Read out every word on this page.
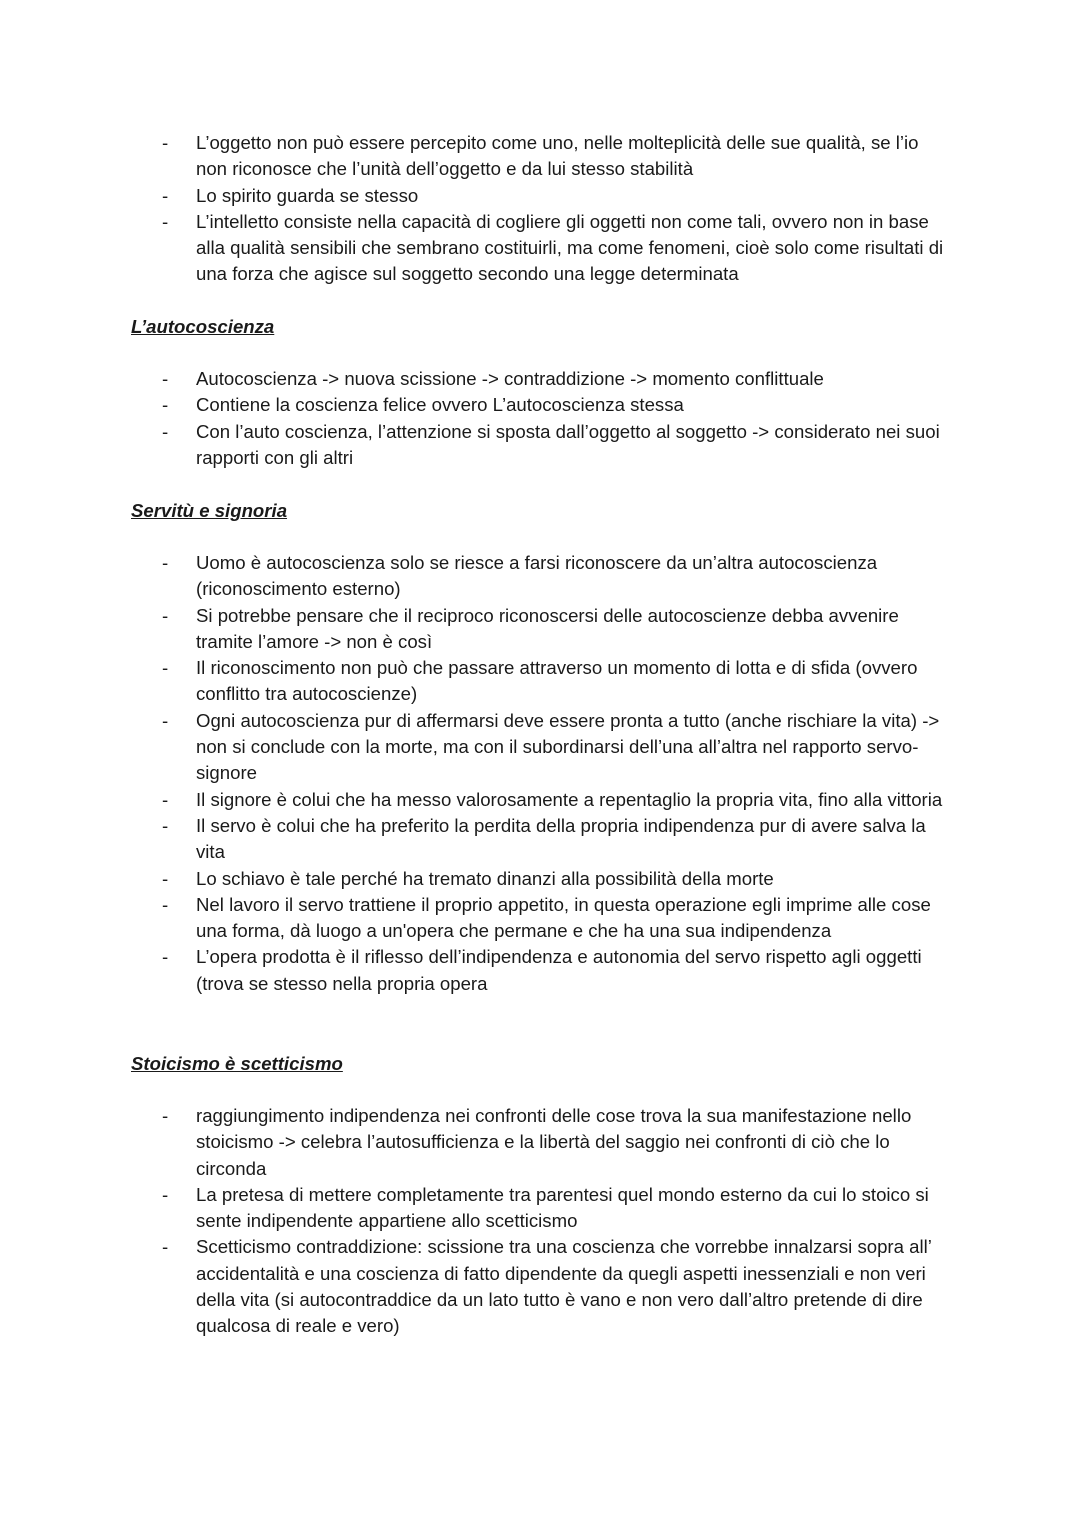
- L’oggetto non può essere percepito come uno, nelle molteplicità delle sue qualità, se l’io non riconosce che l’unità dell’oggetto e da lui stesso stabilità
- Lo spirito guarda se stesso
- L’intelletto consiste nella capacità di cogliere gli oggetti non come tali, ovvero non in base alla qualità sensibili che sembrano costituirli, ma come fenomeni, cioè solo come risultati di una forza che agisce sul soggetto secondo una legge determinata
L’autocoscienza
- Autocoscienza -> nuova scissione -> contraddizione -> momento conflittuale
- Contiene la coscienza felice ovvero L’autocoscienza stessa
- Con l’auto coscienza, l’attenzione si sposta dall’oggetto al soggetto -> considerato nei suoi rapporti con gli altri
Servitù e signoria
- Uomo è autocoscienza solo se riesce a farsi riconoscere da un’altra autocoscienza (riconoscimento esterno)
- Si potrebbe pensare che il reciproco riconoscersi delle autocoscienze debba avvenire tramite l’amore -> non è così
- Il riconoscimento non può che passare attraverso un momento di lotta e di sfida (ovvero conflitto tra autocoscienze)
- Ogni autocoscienza pur di affermarsi deve essere pronta a tutto (anche rischiare la vita) -> non si conclude con la morte, ma con il subordinarsi dell’una all’altra nel rapporto servo-signore
- Il signore è colui che ha messo valorosamente a repentaglio la propria vita, fino alla vittoria
- Il servo è colui che ha preferito la perdita della propria indipendenza pur di avere salva la vita
- Lo schiavo è tale perché ha tremato dinanzi alla possibilità della morte
- Nel lavoro il servo trattiene il proprio appetito, in questa operazione egli imprime alle cose una forma, dà luogo a un'opera che permane e che ha una sua indipendenza
- L’opera prodotta è il riflesso dell’indipendenza e autonomia del servo rispetto agli oggetti (trova se stesso nella propria opera
Stoicismo è scetticismo
- raggiungimento indipendenza nei confronti delle cose trova la sua manifestazione nello stoicismo -> celebra l’autosufficienza e la libertà del saggio nei confronti di ciò che lo circonda
- La pretesa di mettere completamente tra parentesi quel mondo esterno da cui lo stoico si sente indipendente appartiene allo scetticismo
- Scetticismo contraddizione: scissione tra una coscienza che vorrebbe innalzarsi sopra all’ accidentalità e una coscienza di fatto dipendente da quegli aspetti inessenziali e non veri della vita (si autocontraddice da un lato tutto è vano e non vero dall’altro pretende di dire qualcosa di reale e vero)
